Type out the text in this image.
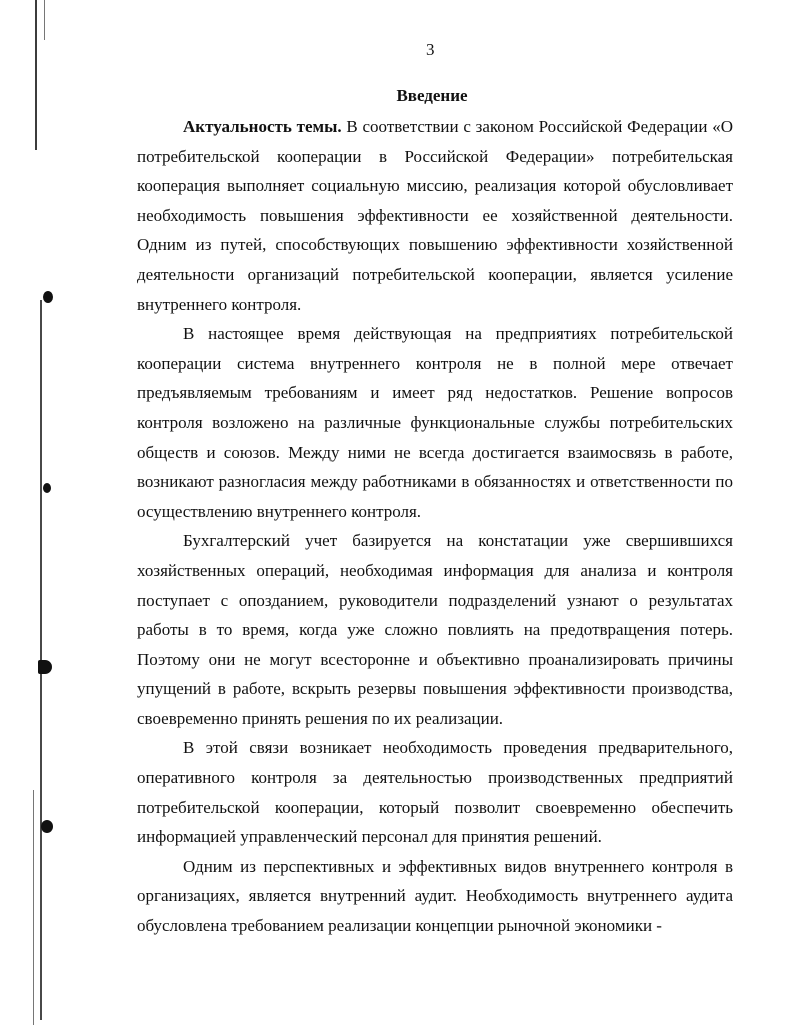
3
Введение

Актуальность темы. В соответствии с законом Российской Федерации «О потребительской кооперации в Российской Федерации» потребительская кооперация выполняет социальную миссию, реализация которой обусловливает необходимость повышения эффективности ее хозяйственной деятельности. Одним из путей, способствующих повышению эффективности хозяйственной деятельности организаций потребительской кооперации, является усиление внутреннего контроля.

В настоящее время действующая на предприятиях потребительской кооперации система внутреннего контроля не в полной мере отвечает предъявляемым требованиям и имеет ряд недостатков. Решение вопросов контроля возложено на различные функциональные службы потребительских обществ и союзов. Между ними не всегда достигается взаимосвязь в работе, возникают разногласия между работниками в обязанностях и ответственности по осуществлению внутреннего контроля.

Бухгалтерский учет базируется на констатации уже свершившихся хозяйственных операций, необходимая информация для анализа и контроля поступает с опозданием, руководители подразделений узнают о результатах работы в то время, когда уже сложно повлиять на предотвращения потерь. Поэтому они не могут всесторонне и объективно проанализировать причины упущений в работе, вскрыть резервы повышения эффективности производства, своевременно принять решения по их реализации.

В этой связи возникает необходимость проведения предварительного, оперативного контроля за деятельностью производственных предприятий потребительской кооперации, который позволит своевременно обеспечить информацией управленческий персонал для принятия решений.

Одним из перспективных и эффективных видов внутреннего контроля в организациях, является внутренний аудит. Необходимость внутреннего аудита обусловлена требованием реализации концепции рыночной экономики -
